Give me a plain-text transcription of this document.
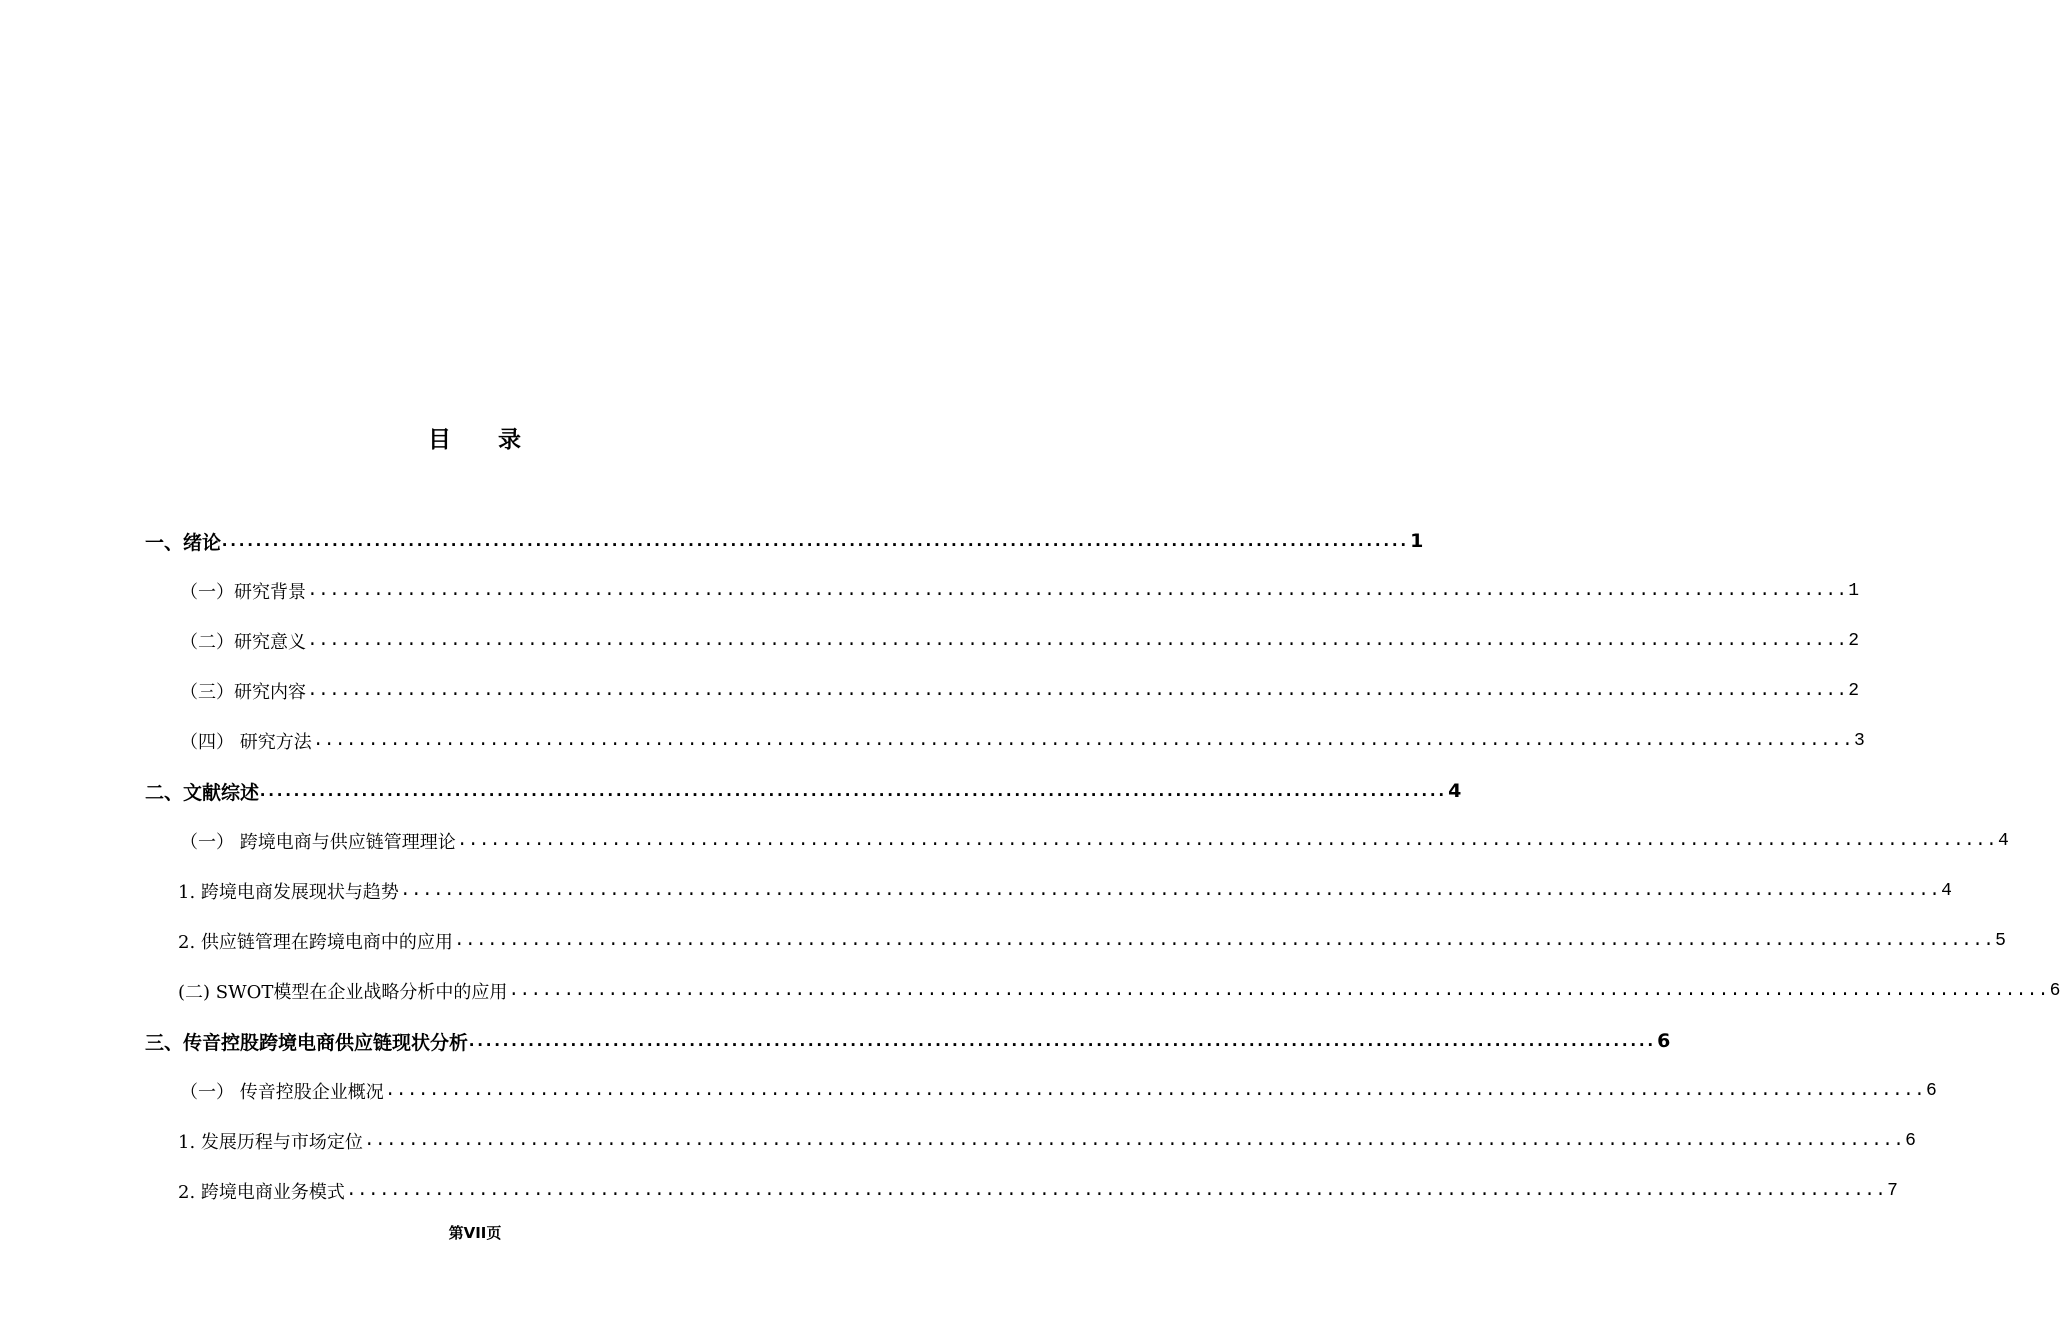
目 录
一、绪论 ............................................................................................................................................ 1
（一）研究背景 ............................................................................................................................................ 1
（二）研究意义 ............................................................................................................................................ 2
（三）研究内容 ............................................................................................................................................ 2
（四） 研究方法 ............................................................................................................................................ 3
二、文献综述 ............................................................................................................................................ 4
（一） 跨境电商与供应链管理理论 ............................................................................................................................................ 4
1. 跨境电商发展现状与趋势 ............................................................................................................................................ 4
2. 供应链管理在跨境电商中的应用 ............................................................................................................................................ 5
(二) SWOT模型在企业战略分析中的应用 ............................................................................................................................................ 6
三、传音控股跨境电商供应链现状分析 ............................................................................................................................................ 6
（一） 传音控股企业概况 ............................................................................................................................................ 6
1. 发展历程与市场定位 ............................................................................................................................................ 6
2. 跨境电商业务模式 ............................................................................................................................................ 7
第VII页
